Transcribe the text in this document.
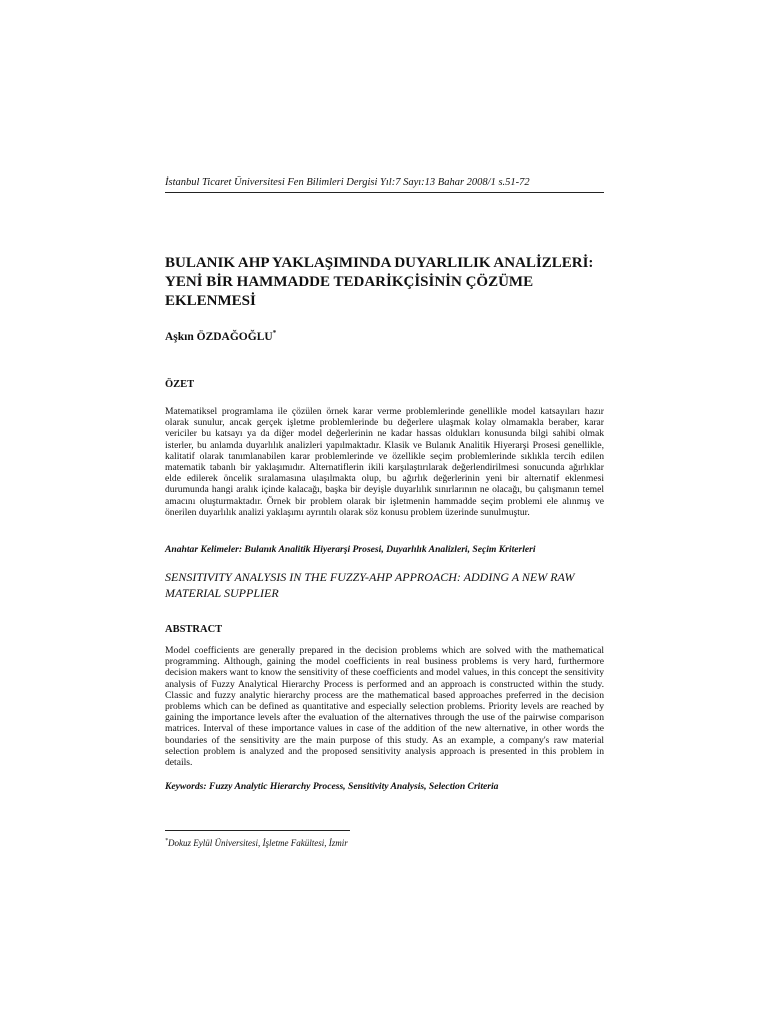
İstanbul Ticaret Üniversitesi Fen Bilimleri Dergisi Yıl:7 Sayı:13 Bahar 2008/1 s.51-72
BULANIK AHP YAKLAŞIMINDA DUYARLILIK ANALİZLERİ: YENİ BİR HAMMADDE TEDARİKÇİSİNİN ÇÖZÜME EKLENMESİ
Aşkın ÖZDAĞOĞLU*
ÖZET

Matematiksel programlama ile çözülen örnek karar verme problemlerinde genellikle model katsayıları hazır olarak sunulur, ancak gerçek işletme problemlerinde bu değerlere ulaşmak kolay olmamakla beraber, karar vericiler bu katsayı ya da diğer model değerlerinin ne kadar hassas oldukları konusunda bilgi sahibi olmak isterler, bu anlamda duyarlılık analizleri yapılmaktadır. Klasik ve Bulanık Analitik Hiyerarşi Prosesi genellikle, kalitatif olarak tanımlanabilen karar problemlerinde ve özellikle seçim problemlerinde sıklıkla tercih edilen matematik tabanlı bir yaklaşımıdır. Alternatiflerin ikili karşılaştırılarak değerlendirilmesi sonucunda ağırlıklar elde edilerek öncelik sıralamasına ulaşılmakta olup, bu ağırlık değerlerinin yeni bir alternatif eklenmesi durumunda hangi aralık içinde kalacağı, başka bir deyişle duyarlılık sınırlarının ne olacağı, bu çalışmanın temel amacını oluşturmaktadır. Örnek bir problem olarak bir işletmenin hammadde seçim problemi ele alınmış ve önerilen duyarlılık analizi yaklaşımı ayrıntılı olarak söz konusu problem üzerinde sunulmuştur.

Anahtar Kelimeler: Bulanık Analitik Hiyerarşi Prosesi, Duyarlılık Analizleri, Seçim Kriterleri

SENSITIVITY ANALYSIS IN THE FUZZY-AHP APPROACH: ADDING A NEW RAW MATERIAL SUPPLIER

ABSTRACT

Model coefficients are generally prepared in the decision problems which are solved with the mathematical programming. Although, gaining the model coefficients in real business problems is very hard, furthermore decision makers want to know the sensitivity of these coefficients and model values, in this concept the sensitivity analysis of Fuzzy Analytical Hierarchy Process is performed and an approach is constructed within the study. Classic and fuzzy analytic hierarchy process are the mathematical based approaches preferred in the decision problems which can be defined as quantitative and especially selection problems. Priority levels are reached by gaining the importance levels after the evaluation of the alternatives through the use of the pairwise comparison matrices. Interval of these importance values in case of the addition of the new alternative, in other words the boundaries of the sensitivity are the main purpose of this study. As an example, a company's raw material selection problem is analyzed and the proposed sensitivity analysis approach is presented in this problem in details.

Keywords: Fuzzy Analytic Hierarchy Process, Sensitivity Analysis, Selection Criteria
*Dokuz Eylül Üniversitesi, İşletme Fakültesi, İzmir
